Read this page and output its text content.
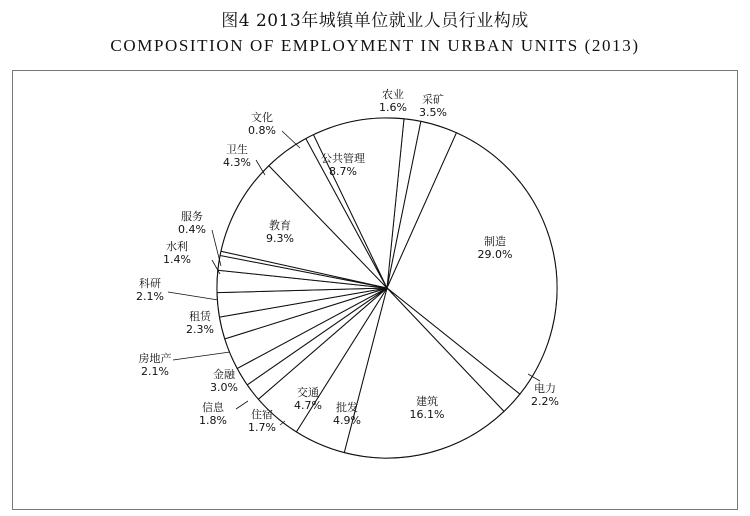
图4 2013年城镇单位就业人员行业构成
COMPOSITION OF EMPLOYMENT IN URBAN UNITS (2013)
农业
1.6%
采矿
3.5%
制造
29.0%
电力
2.2%
建筑
16.1%
批发
4.9%
交通
4.7%
住宿
1.7%
信息
1.8%
金融
3.0%
房地产
2.1%
租赁
2.3%
科研
2.1%
水利
1.4%
服务
0.4%	教育
9.3%
卫生
4.3%
文化
0.8%
公共管理
8.7%
